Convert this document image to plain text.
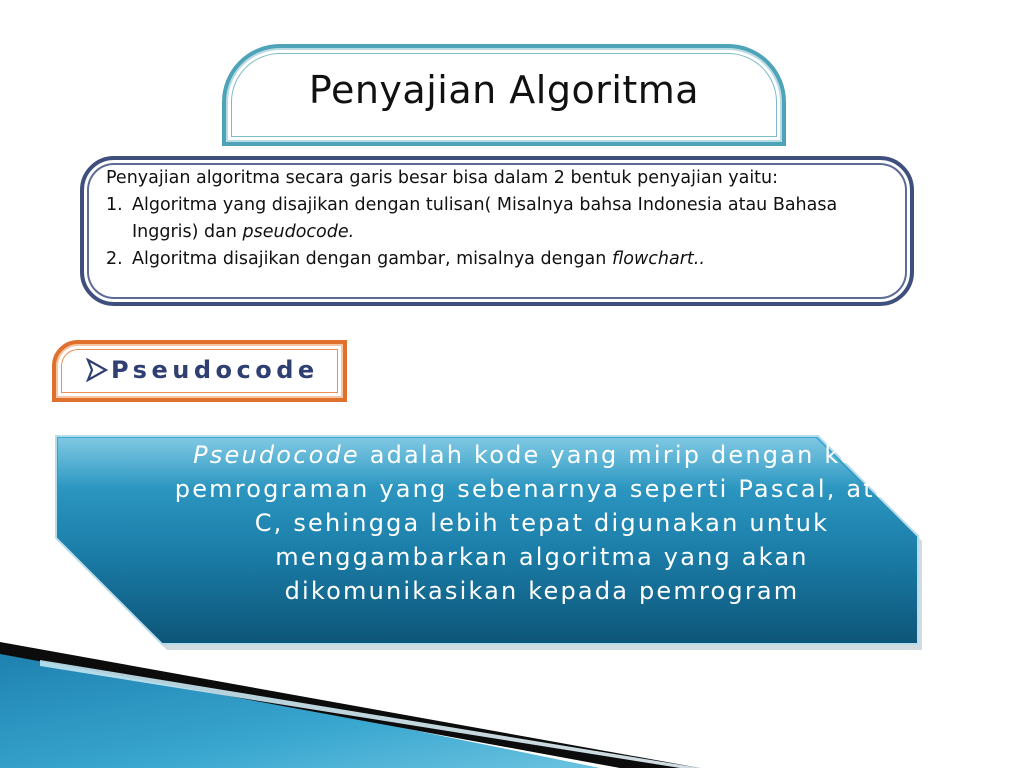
Penyajian Algoritma
Penyajian algoritma secara garis besar bisa dalam 2 bentuk penyajian yaitu:
1. Algoritma yang disajikan dengan tulisan( Misalnya bahsa Indonesia atau Bahasa Inggris) dan pseudocode.
2. Algoritma disajikan dengan gambar, misalnya dengan flowchart..
Pseudocode
Pseudocode adalah kode yang mirip dengan kode pemrograman yang sebenarnya seperti Pascal, atau C, sehingga lebih tepat digunakan untuk menggambarkan algoritma yang akan dikomunikasikan kepada pemrogram
